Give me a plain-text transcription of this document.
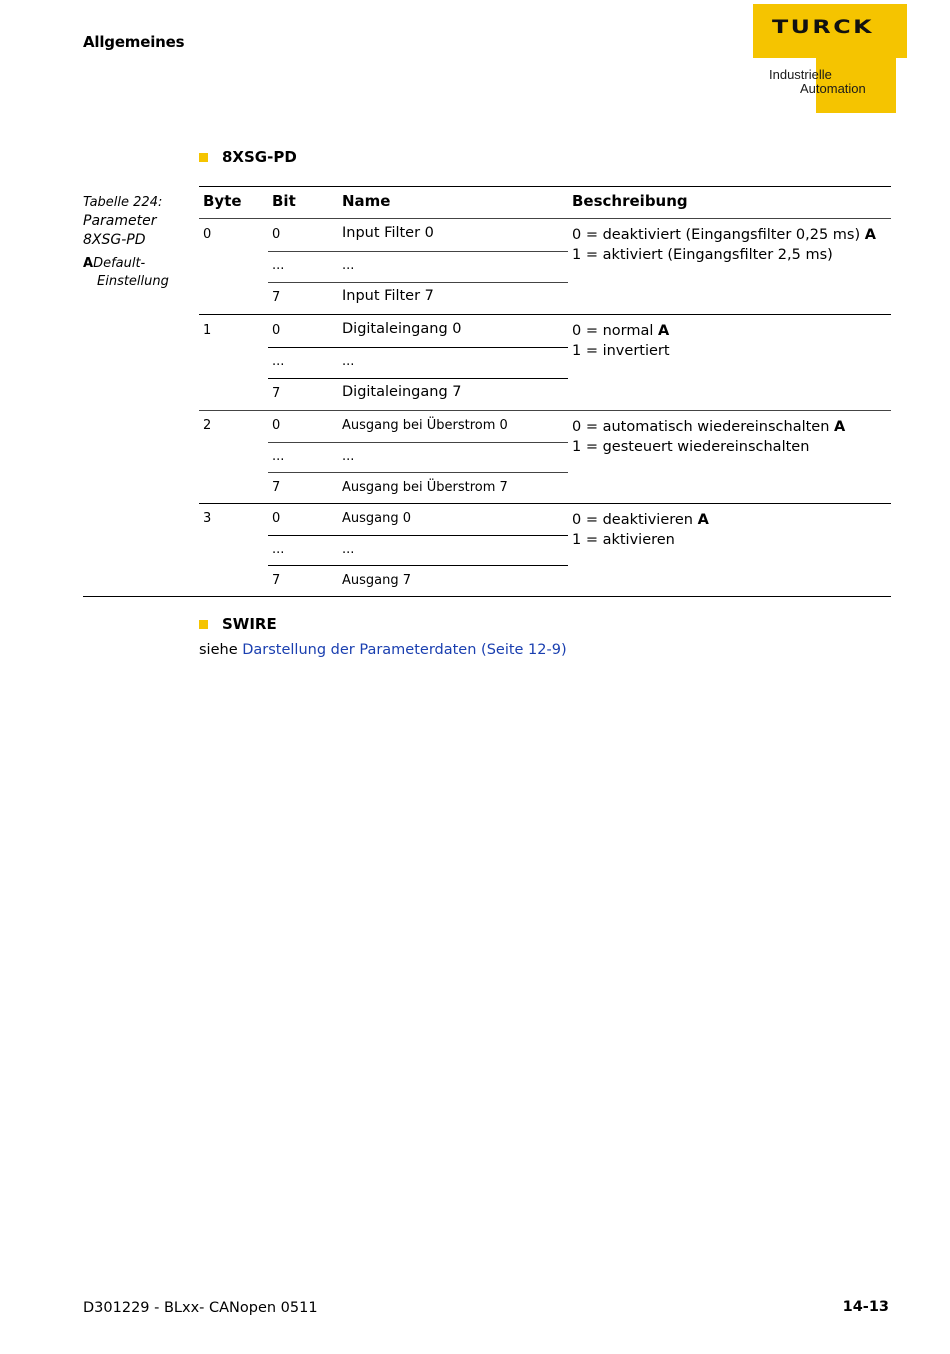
Allgemeines
TURCK
Industrielle
Automation
8XSG-PD
Tabelle 224:
Parameter
8XSG-PD
ADefault-
Einstellung
Byte Bit	Name	Beschreibung
0	0	Input Filter 0
...	...
7	Input Filter 7
0 = deaktiviert (Eingangsfilter 0,25 ms) A
1 = aktiviert (Eingangsfilter 2,5 ms)
1	0	Digitaleingang 0
...	...
7	Digitaleingang 7
0 = normal A
1 = invertiert
2	0	Ausgang bei Überstrom 0
...	...
7	Ausgang bei Überstrom 7
0 = automatisch wiedereinschalten A
1 = gesteuert wiedereinschalten
3	0	Ausgang 0
...	...
7	Ausgang 7
0 = deaktivieren A
1 = aktivieren
SWIRE
siehe Darstellung der Parameterdaten (Seite 12-9)
D301229 - BLxx- CANopen 0511	14-13
